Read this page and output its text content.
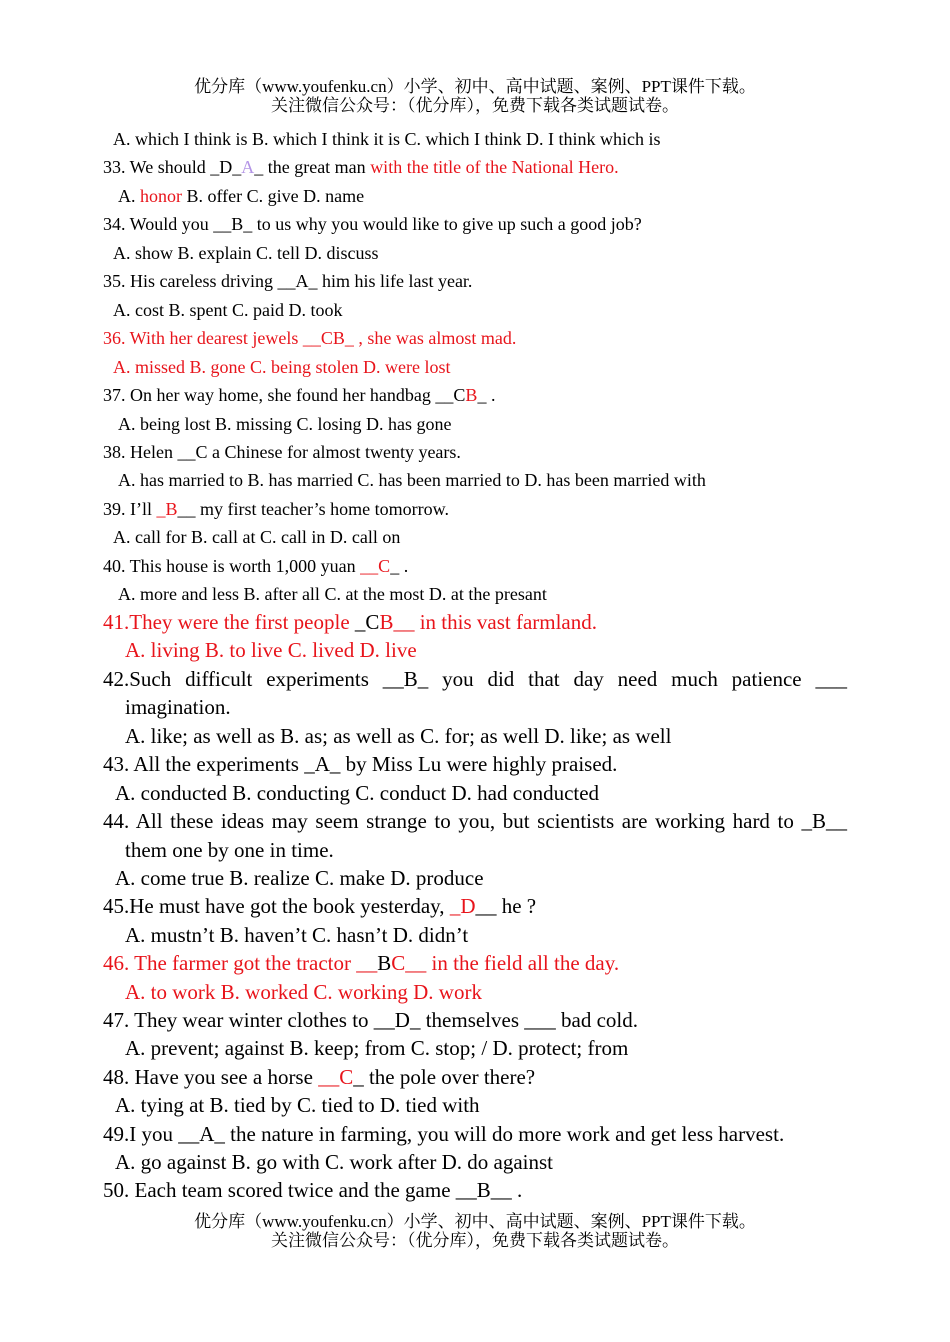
优分库（www.youfenku.cn）小学、初中、高中试题、案例、PPT课件下载。
关注微信公众号：（优分库），免费下载各类试题试卷。
A. which I think is B. which I think it is C. which I think D. I think which is
33. We should _D_A_ the great man with the title of the National Hero.
A. honor B. offer C. give D. name
34. Would you __B_ to us why you would like to give up such a good job?
A. show B. explain C. tell D. discuss
35. His careless driving __A_ him his life last year.
A. cost B. spent C. paid D. took
36. With her dearest jewels __CB_ , she was almost mad.
A. missed B. gone C. being stolen D. were lost
37. On her way home, she found her handbag __CB_ .
A. being lost B. missing C. losing D. has gone
38. Helen __C a Chinese for almost twenty years.
A. has married to B. has married C. has been married to D. has been married with
39. I’ll _B__ my first teacher’s home tomorrow.
A. call for B. call at C. call in D. call on
40. This house is worth 1,000 yuan __C_ .
A. more and less B. after all C. at the most D. at the presant
41.They were the first people _CB__ in this vast farmland.
A. living B. to live C. lived D. live
42.Such difficult experiments __B_ you did that day need much patience ___
imagination.
A. like; as well as B. as; as well as C. for; as well D. like; as well
43. All the experiments _A_ by Miss Lu were highly praised.
A. conducted B. conducting C. conduct D. had conducted
44. All these ideas may seem strange to you, but scientists are working hard to _B__
them one by one in time.
A. come true B. realize C. make D. produce
45.He must have got the book yesterday, _D__ he ?
A. mustn’t B. haven’t C. hasn’t D. didn’t
46. The farmer got the tractor __BC__ in the field all the day.
A. to work B. worked C. working D. work
47. They wear winter clothes to __D_ themselves ___ bad cold.
A. prevent; against B. keep; from C. stop; / D. protect; from
48. Have you see a horse __C_ the pole over there?
A. tying at B. tied by C. tied to D. tied with
49.I you __A_ the nature in farming, you will do more work and get less harvest.
A. go against B. go with C. work after D. do against
50. Each team scored twice and the game __B__ .
优分库（www.youfenku.cn）小学、初中、高中试题、案例、PPT课件下载。
关注微信公众号：（优分库），免费下载各类试题试卷。
